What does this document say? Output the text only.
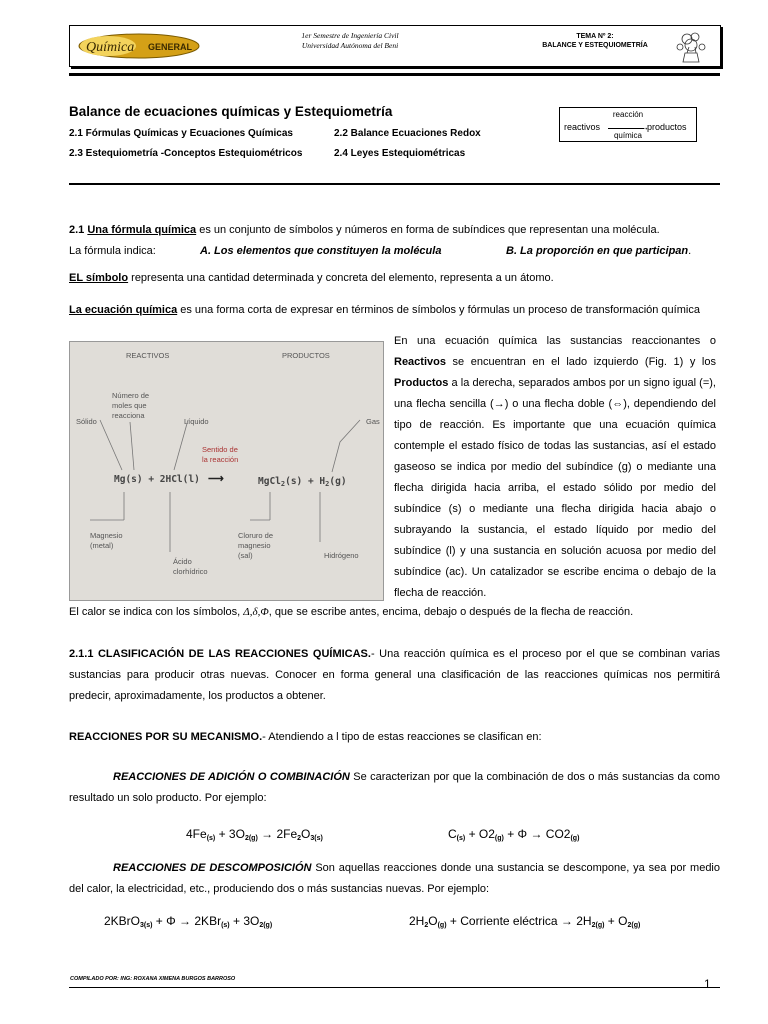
Química GENERAL
1er Semestre de Ingeniería Civil
Universidad Autónoma del Beni
TEMA Nº 2:
BALANCE Y ESTEQUIOMETRÍA
Balance de ecuaciones químicas y Estequiometría
2.1 Fórmulas Químicas y Ecuaciones Químicas	2.2 Balance Ecuaciones Redox
2.3 Estequiometría -Conceptos Estequiométricos	2.4 Leyes Estequiométricas
reacción
reactivos	→
productos
química
2.1 Una fórmula química es un conjunto de símbolos y números en forma de subíndices que representan una molécula.
La fórmula indica:	A. Los elementos que constituyen la molécula	B. La proporción en que participan.
EL símbolo representa una cantidad determinada y concreta del elemento, representa a un átomo.
La ecuación química es una forma corta de expresar en términos de símbolos y fórmulas un proceso de transformación química
REACTIVOS	PRODUCTOS
Número de
moles que
reacciona
Sólido	Líquido	Gas
Sentido de
la reacción
Mg(s) + 2HCl(l) ⟶	MgCl$_2$(s) + $H_2(g)$
Magnesio
(metal)
Ácido
clorhídrico
Cloruro de
magnesio
(sal)	Hidrógeno
En una ecuación química las sustancias reaccionantes o Reactivos se encuentran en el lado izquierdo (Fig. 1) y los Productos a la derecha, separados ambos por un signo igual (=), una flecha sencilla (→) o una flecha doble (⇔), dependiendo del tipo de reacción. Es importante que una ecuación química contemple el estado físico de todas las sustancias, así el estado gaseoso se indica por medio del subíndice (g) o mediante una flecha dirigida hacia arriba, el estado sólido por medio del subíndice (s) o mediante una flecha dirigida hacia abajo o subrayando la sustancia, el estado líquido por medio del subíndice (l) y una sustancia en solución acuosa por medio del subíndice (ac). Un catalizador se escribe encima o debajo de la flecha de reacción.
El calor se indica con los símbolos, Δ,δ,Φ, que se escribe antes, encima, debajo o después de la flecha de reacción.
2.1.1 CLASIFICACIÓN DE LAS REACCIONES QUÍMICAS.- Una reacción química es el proceso por el que se combinan varias sustancias para producir otras nuevas. Conocer en forma general una clasificación de las reacciones químicas nos permitirá predecir, aproximadamente, los productos a obtener.
REACCIONES POR SU MECANISMO.- Atendiendo a l tipo de estas reacciones se clasifican en:
REACCIONES DE ADICIÓN O COMBINACIÓN Se caracterizan por que la combinación de dos o más sustancias da como resultado un solo producto. Por ejemplo:
$4Fe_{(s)} + 3O_{2(g)} \to 2Fe_2O_{3(s)}$	$C_{(s)} + O2_{(g)} + \Phi \to CO2_{(g)}$
REACCIONES DE DESCOMPOSICIÓN Son aquellas reacciones donde una sustancia se descompone, ya sea por medio del calor, la electricidad, etc., produciendo dos o más sustancias nuevas. Por ejemplo:
2KBrO$_{3(s)}$ + $\Phi \to 2KBr_{(s)} + 3O_{2(g)}$	$2H_2O_{(g)}$ + Corriente eléctrica → $2H_{2(g)} + O_{2(g)}$
COMPILADO POR: ING: ROXANA XIMENA BURGOS BARROSO	1
